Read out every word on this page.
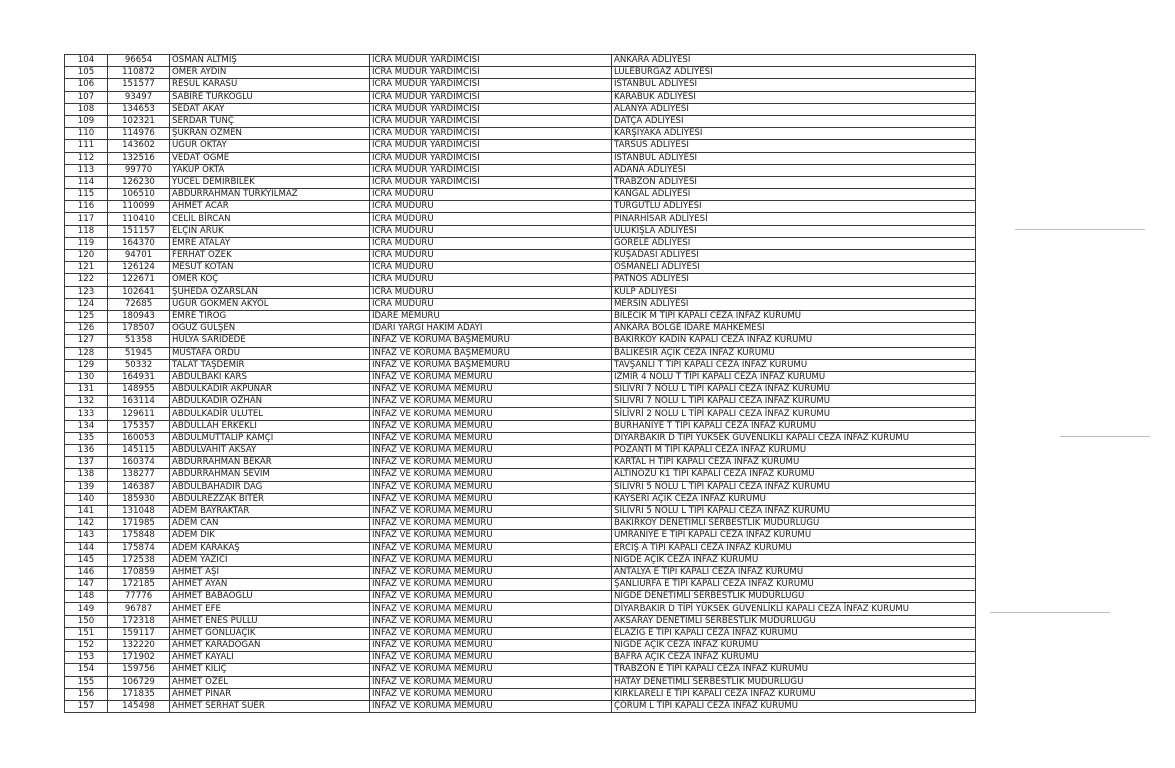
104	96654	OSMAN ALTMIŞ	İCRA MÜDÜR YARDIMCISI	ANKARA ADLİYESİ
105	110872	ÖMER AYDIN	İCRA MÜDÜR YARDIMCISI	LÜLEBURGAZ ADLİYESİ
106	151577	RESUL KARASU	İCRA MÜDÜR YARDIMCISI	İSTANBUL ADLİYESİ
107	93497	SABİRE TÜRKOĞLU	İCRA MÜDÜR YARDIMCISI	KARABÜK ADLİYESİ
108	134653	SEDAT AKAY	İCRA MÜDÜR YARDIMCISI	ALANYA ADLİYESİ
109	102321	SERDAR TUNÇ	İCRA MÜDÜR YARDIMCISI	DATÇA ADLİYESİ
110	114976	ŞÜKRAN ÖZMEN	İCRA MÜDÜR YARDIMCISI	KARŞIYAKA ADLİYESİ
111	143602	UĞUR OKTAY	İCRA MÜDÜR YARDIMCISI	TARSUS ADLİYESİ
112	132516	VEDAT ÖĞME	İCRA MÜDÜR YARDIMCISI	İSTANBUL ADLİYESİ
113	99770	YAKUP OKTA	İCRA MÜDÜR YARDIMCISI	ADANA ADLİYESİ
114	126230	YÜCEL DEMİRBİLEK	İCRA MÜDÜR YARDIMCISI	TRABZON ADLİYESİ
115	106510	ABDURRAHMAN TÜRKYILMAZ	İCRA MÜDÜRÜ	KANGAL ADLİYESİ
116	110099	AHMET ACAR	İCRA MÜDÜRÜ	TURGUTLU ADLİYESİ
117	110410	CELİL BİRCAN	İCRA MÜDÜRÜ	PINARHİSAR ADLİYESİ
118	151157	ELÇİN ARUK	İCRA MÜDÜRÜ	ULUKIŞLA ADLİYESİ
119	164370	EMRE ATALAY	İCRA MÜDÜRÜ	GÖRELE ADLİYESİ
120	94701	FERHAT ÖZEK	İCRA MÜDÜRÜ	KUŞADASI ADLİYESİ
121	126124	MESUT KOTAN	İCRA MÜDÜRÜ	OSMANELİ ADLİYESİ
122	122671	ÖMER KOÇ	İCRA MÜDÜRÜ	PATNOS ADLİYESİ
123	102641	ŞUHEDA ÖZARSLAN	İCRA MÜDÜRÜ	KULP ADLİYESİ
124	72685	UĞUR GÖKMEN AKYOL	İCRA MÜDÜRÜ	MERSİN ADLİYESİ
125	180943	EMRE TIROĞ	İDARE MEMURU	BİLECİK M TİPİ KAPALI CEZA İNFAZ KURUMU
126	178507	OĞUZ GÜLŞEN	İDARİ YARGI HAKİM ADAYI	ANKARA BÖLGE İDARE MAHKEMESİ
127	51358	HÜLYA SARIDEDE	İNFAZ VE KORUMA BAŞMEMURU	BAKIRKÖY KADIN KAPALI CEZA İNFAZ KURUMU
128	51945	MUSTAFA ORDU	İNFAZ VE KORUMA BAŞMEMURU	BALIKESİR AÇIK CEZA İNFAZ KURUMU
129	50332	TALAT TAŞDEMİR	İNFAZ VE KORUMA BAŞMEMURU	TAVŞANLI T TİPİ KAPALI CEZA İNFAZ KURUMU
130	164931	ABDULBAKİ KARS	İNFAZ VE KORUMA MEMURU	İZMİR 4 NOLU T TİPİ KAPALI CEZA İNFAZ KURUMU
131	148955	ABDULKADİR AKPUNAR	İNFAZ VE KORUMA MEMURU	SİLİVRİ 7 NOLU L TİPİ KAPALI CEZA İNFAZ KURUMU
132	163114	ABDULKADİR ÖZHAN	İNFAZ VE KORUMA MEMURU	SİLİVRİ 7 NOLU L TİPİ KAPALI CEZA İNFAZ KURUMU
133	129611	ABDULKADİR ULUTEL	İNFAZ VE KORUMA MEMURU	SİLİVRİ 2 NOLU L TİPİ KAPALI CEZA İNFAZ KURUMU
134	175357	ABDULLAH ERKEKLİ	İNFAZ VE KORUMA MEMURU	BURHANİYE T TİPİ KAPALI CEZA İNFAZ KURUMU
135	160053	ABDULMÜTTALİP KAMÇI	İNFAZ VE KORUMA MEMURU	DİYARBAKIR D TİPİ YÜKSEK GÜVENLİKLİ KAPALI CEZA İNFAZ KURUMU
136	145115	ABDULVAHİT AKSAY	İNFAZ VE KORUMA MEMURU	POZANTI M TİPİ KAPALI CEZA İNFAZ KURUMU
137	160374	ABDURRAHMAN BEKAR	İNFAZ VE KORUMA MEMURU	KARTAL H TİPİ KAPALI CEZA İNFAZ KURUMU
138	138277	ABDURRAHMAN SEVİM	İNFAZ VE KORUMA MEMURU	ALTINÖZÜ K1 TİPİ KAPALI CEZA İNFAZ KURUMU
139	146387	ABDÜLBAHADIR DAĞ	İNFAZ VE KORUMA MEMURU	SİLİVRİ 5 NOLU L TİPİ KAPALI CEZA İNFAZ KURUMU
140	185930	ABDÜLREZZAK BİTER	İNFAZ VE KORUMA MEMURU	KAYSERİ AÇIK CEZA İNFAZ KURUMU
141	131048	ADEM BAYRAKTAR	İNFAZ VE KORUMA MEMURU	SİLİVRİ 5 NOLU L TİPİ KAPALI CEZA İNFAZ KURUMU
142	171985	ADEM CAN	İNFAZ VE KORUMA MEMURU	BAKIRKÖY DENETİMLİ SERBESTLİK MÜDÜRLÜĞÜ
143	175848	ADEM DİK	İNFAZ VE KORUMA MEMURU	ÜMRANİYE E TİPİ KAPALI CEZA İNFAZ KURUMU
144	175874	ADEM KARAKAŞ	İNFAZ VE KORUMA MEMURU	ERCİŞ A TİPİ KAPALI CEZA İNFAZ KURUMU
145	172538	ADEM YAZICI	İNFAZ VE KORUMA MEMURU	NİĞDE AÇIK CEZA İNFAZ KURUMU
146	170859	AHMET AŞI	İNFAZ VE KORUMA MEMURU	ANTALYA E TİPİ KAPALI CEZA İNFAZ KURUMU
147	172185	AHMET AYAN	İNFAZ VE KORUMA MEMURU	ŞANLIURFA E TİPİ KAPALI CEZA İNFAZ KURUMU
148	77776	AHMET BABAOĞLU	İNFAZ VE KORUMA MEMURU	NİĞDE DENETİMLİ SERBESTLİK MÜDÜRLÜĞÜ
149	96787	AHMET EFE	İNFAZ VE KORUMA MEMURU	DİYARBAKIR D TİPİ YÜKSEK GÜVENLİKLİ KAPALI CEZA İNFAZ KURUMU
150	172318	AHMET ENES PULLU	İNFAZ VE KORUMA MEMURU	AKSARAY DENETİMLİ SERBESTLİK MÜDÜRLÜĞÜ
151	159117	AHMET GÖNLÜAÇIK	İNFAZ VE KORUMA MEMURU	ELAZIĞ E TİPİ KAPALI CEZA İNFAZ KURUMU
152	132220	AHMET KARADOĞAN	İNFAZ VE KORUMA MEMURU	NİĞDE AÇIK CEZA İNFAZ KURUMU
153	171902	AHMET KAYALI	İNFAZ VE KORUMA MEMURU	BAFRA AÇIK CEZA İNFAZ KURUMU
154	159756	AHMET KILIÇ	İNFAZ VE KORUMA MEMURU	TRABZON E TİPİ KAPALI CEZA İNFAZ KURUMU
155	106729	AHMET ÖZEL	İNFAZ VE KORUMA MEMURU	HATAY DENETİMLİ SERBESTLİK MÜDÜRLÜĞÜ
156	171835	AHMET PINAR	İNFAZ VE KORUMA MEMURU	KIRKLARELİ E TİPİ KAPALI CEZA İNFAZ KURUMU
157	145498	AHMET SERHAT SÜER	İNFAZ VE KORUMA MEMURU	ÇORUM L TİPİ KAPALI CEZA İNFAZ KURUMU
